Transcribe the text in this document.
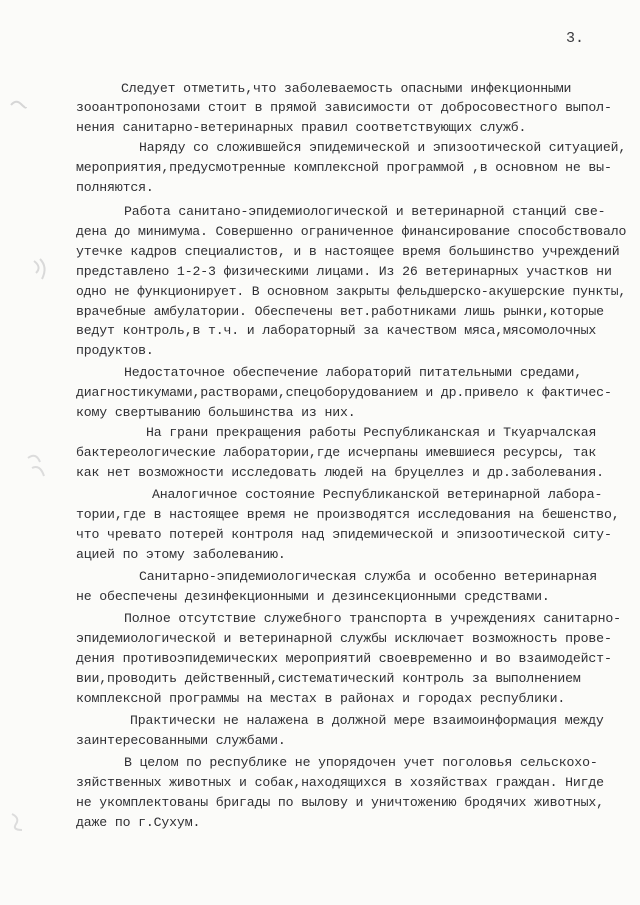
3.
Следует отметить,что заболеваемость опасными инфекционными
зооантропонозами стоит в прямой зависимости от добросовестного выпол-
нения санитарно-ветеринарных правил соответствующих служб.
Наряду со сложившейся эпидемической и эпизоотической ситуацией,
мероприятия,предусмотренные комплексной программой ,в основном не вы-
полняются.
Работа санитано-эпидемиологической и ветеринарной станций све-
дена до минимума. Совершенно ограниченное финансирование способствовало
утечке кадров специалистов, и в настоящее время большинство учреждений
представлено 1-2-3 физическими лицами. Из 26 ветеринарных участков ни
одно не функционирует. В основном закрыты фельдшерско-акушерские пункты,
врачебные амбулатории. Обеспечены вет.работниками лишь рынки,которые
ведут контроль,в т.ч. и лабораторный за качеством мяса,мясомолочных
продуктов.
Недостаточное обеспечение лабораторий питательными средами,
диагностикумами,растворами,спецоборудованием и др.привело к фактичес-
кому свертыванию большинства из них.
На грани прекращения работы Республиканская и Ткуарчалская
бактереологические лаборатории,где исчерпаны имевшиеся ресурсы, так
как нет возможности исследовать людей на бруцеллез и др.заболевания.
Аналогичное состояние Республиканской ветеринарной лабора-
тории,где в настоящее время не производятся исследования на бешенство,
что чревато потерей контроля над эпидемической и эпизоотической ситу-
ацией по этому заболеванию.
Санитарно-эпидемиологическая служба и особенно ветеринарная
не обеспечены дезинфекционными и дезинсекционными средствами.
Полное отсутствие служебного транспорта в учреждениях санитарно-
эпидемиологической и ветеринарной службы исключает возможность прове-
дения противоэпидемических мероприятий своевременно и во взаимодейст-
вии,проводить действенный,систематический контроль за выполнением
комплексной программы на местах в районах и городах республики.
Практически не налажена в должной мере взаимоинформация между
заинтересованными службами.
В целом по республике не упорядочен учет поголовья сельскохо-
зяйственных животных и собак,находящихся в хозяйствах граждан. Нигде
не укомплектованы бригады по вылову и уничтожению бродячих животных,
даже по г.Сухум.
